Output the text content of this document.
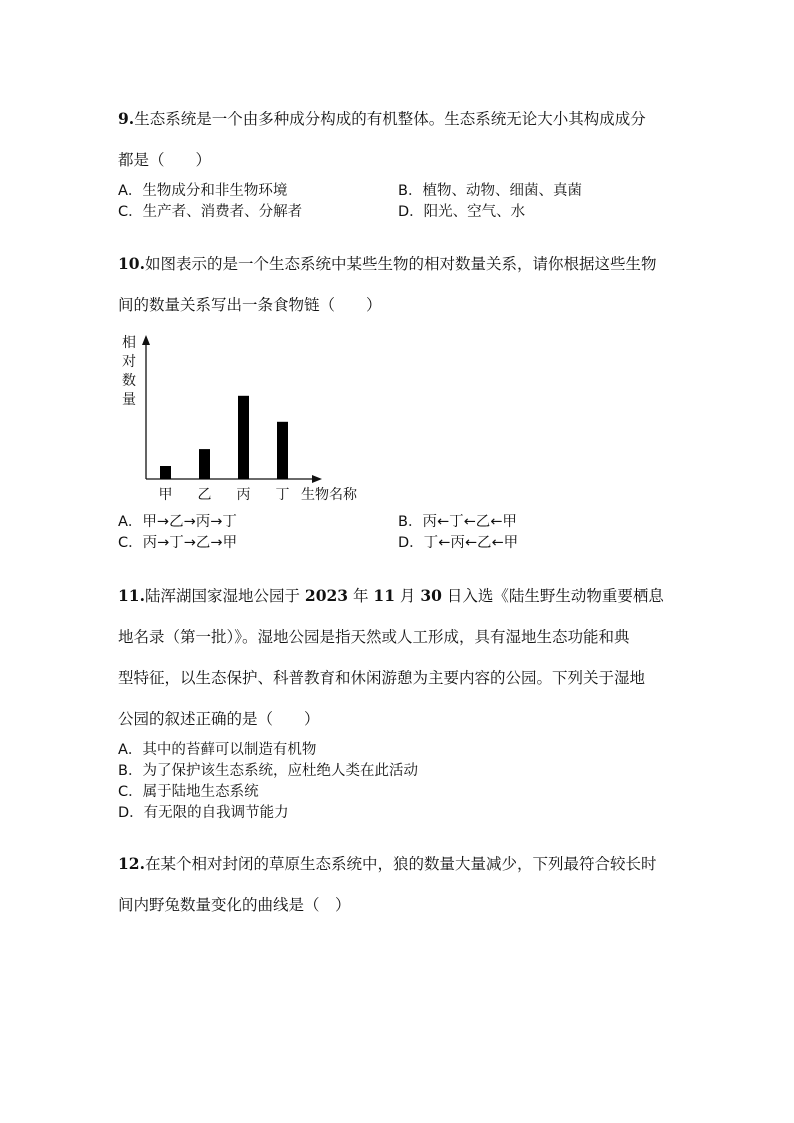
9.生态系统是一个由多种成分构成的有机整体。生态系统无论大小其构成成分

都是（　　）

A．生物成分和非生物环境	B．植物、动物、细菌、真菌
C．生产者、消费者、分解者	D．阳光、空气、水

10.如图表示的是一个生态系统中某些生物的相对数量关系，请你根据这些生物

间的数量关系写出一条食物链（　　）

相对数量
甲 乙 丙 丁 生物名称
A．甲→乙→丙→丁	B．丙←丁←乙←甲
C．丙→丁→乙→甲	D．丁←丙←乙←甲

11.陆浑湖国家湿地公园于 2023 年 11 月 30 日入选《陆生野生动物重要栖息

地名录（第一批）》。湿地公园是指天然或人工形成，具有湿地生态功能和典

型特征，以生态保护、科普教育和休闲游憩为主要内容的公园。下列关于湿地

公园的叙述正确的是（　　）

A．其中的苔藓可以制造有机物
B．为了保护该生态系统，应杜绝人类在此活动
C．属于陆地生态系统
D．有无限的自我调节能力

12.在某个相对封闭的草原生态系统中，狼的数量大量减少，下列最符合较长时

间内野兔数量变化的曲线是（　）
